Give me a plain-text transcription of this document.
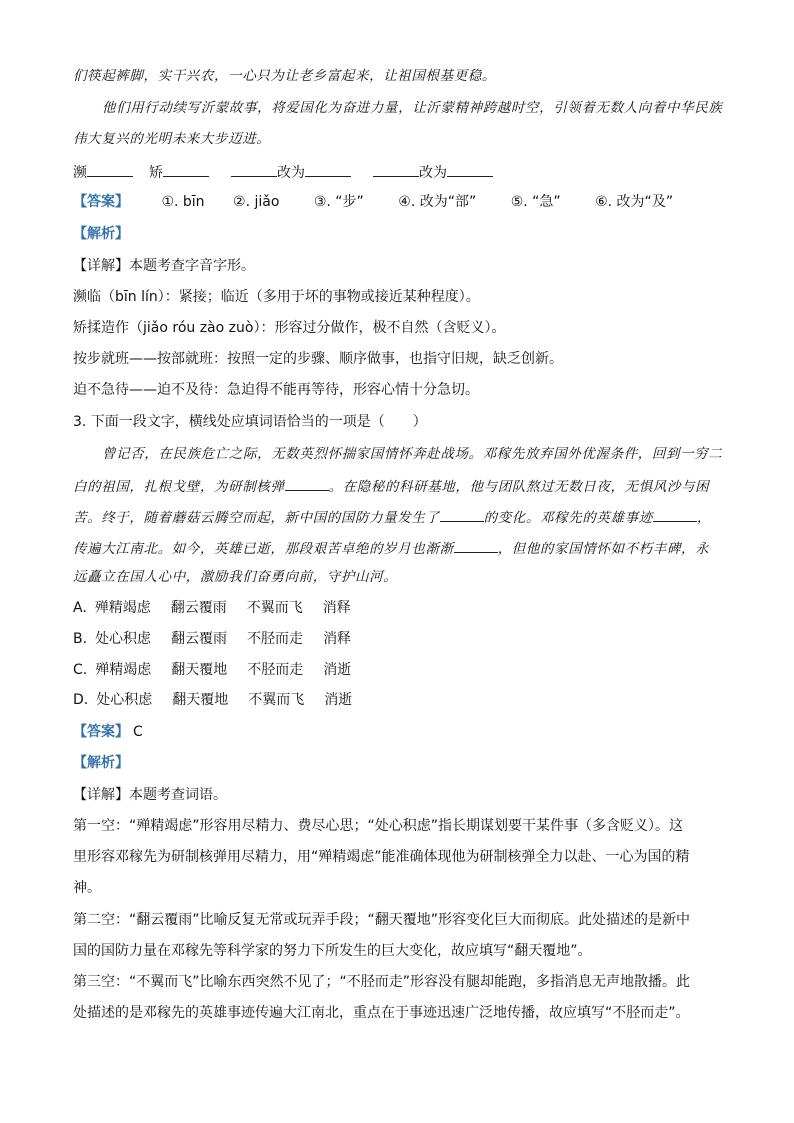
们筷起裤脚，实干兴农，一心只为让老乡富起来，让祖国根基更稳。
他们用行动续写沂蒙故事，将爱国化为奋进力量，让沂蒙精神跨越时空，引领着无数人向着中华民族
伟大复兴的光明未来大步迈进。
濒	矫	改为	改为
【答案】 ①. bīn ②. jiǎo ③. “步” ④. 改为“部” ⑤. “急” ⑥. 改为“及”
【解析】
【详解】本题考查字音字形。
濒临（bīn lín）：紧接；临近（多用于坏的事物或接近某种程度）。
矫揉造作（jiǎo róu zào zuò）：形容过分做作，极不自然（含贬义）。
按步就班——按部就班：按照一定的步骤、顺序做事，也指守旧规，缺乏创新。
迫不急待——迫不及待：急迫得不能再等待，形容心情十分急切。
3. 下面一段文字，横线处应填词语恰当的一项是（　　）
曾记否，在民族危亡之际，无数英烈怀揣家国情怀奔赴战场。邓稼先放弃国外优渥条件，回到一穷二
白的祖国，扎根戈壁，为研制核弹	。在隐秘的科研基地，他与团队熬过无数日夜，无惧风沙与困
苦。终于，随着蘑菇云腾空而起，新中国的国防力量发生了	的变化。邓稼先的英雄事迹	，
传遍大江南北。如今，英雄已逝，那段艰苦卓绝的岁月也渐渐	，但他的家国情怀如不朽丰碑，永
远矗立在国人心中，激励我们奋勇向前，守护山河。
A. 殚精竭虑 翻云覆雨 不翼而飞 消释
B. 处心积虑 翻云覆雨 不胫而走 消释
C. 殚精竭虑 翻天覆地 不胫而走 消逝
D. 处心积虑 翻天覆地 不翼而飞 消逝
【答案】 C
【解析】
【详解】本题考查词语。
第一空：“殚精竭虑”形容用尽精力、费尽心思；“处心积虑”指长期谋划要干某件事（多含贬义）。这
里形容邓稼先为研制核弹用尽精力，用“殚精竭虑”能准确体现他为研制核弹全力以赴、一心为国的精
神。
第二空：“翻云覆雨”比喻反复无常或玩弄手段；“翻天覆地”形容变化巨大而彻底。此处描述的是新中
国的国防力量在邓稼先等科学家的努力下所发生的巨大变化，故应填写“翻天覆地”。
第三空：“不翼而飞”比喻东西突然不见了；“不胫而走”形容没有腿却能跑，多指消息无声地散播。此
处描述的是邓稼先的英雄事迹传遍大江南北，重点在于事迹迅速广泛地传播，故应填写“不胫而走”。
